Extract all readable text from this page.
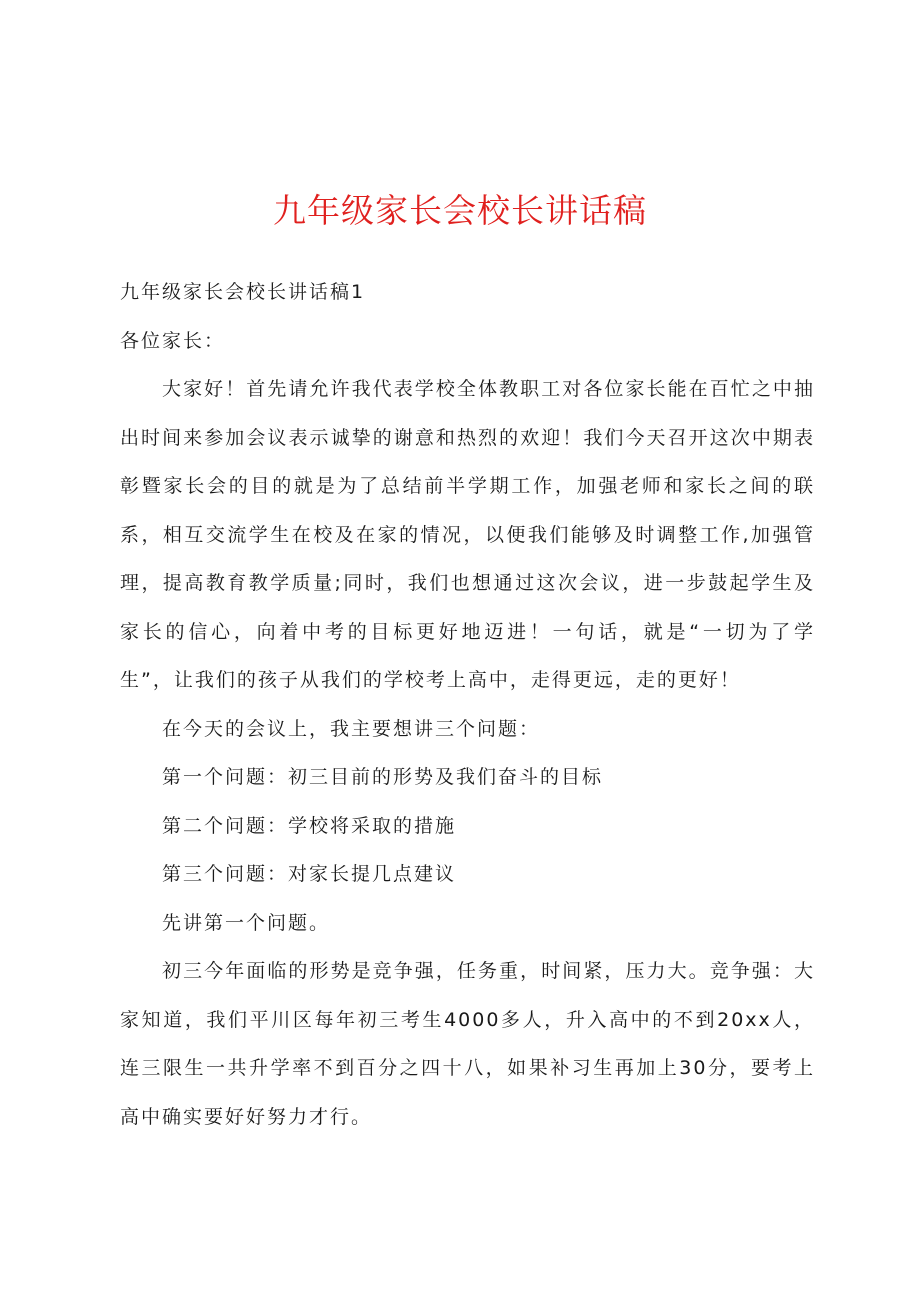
九年级家长会校长讲话稿

九年级家长会校长讲话稿1

各位家长：

大家好！首先请允许我代表学校全体教职工对各位家长能在百忙之中抽出时间来参加会议表示诚挚的谢意和热烈的欢迎！我们今天召开这次中期表彰暨家长会的目的就是为了总结前半学期工作，加强老师和家长之间的联系，相互交流学生在校及在家的情况，以便我们能够及时调整工作,加强管理，提高教育教学质量;同时，我们也想通过这次会议，进一步鼓起学生及家长的信心，向着中考的目标更好地迈进！一句话，就是“一切为了学生”，让我们的孩子从我们的学校考上高中，走得更远，走的更好！

在今天的会议上，我主要想讲三个问题：

第一个问题：初三目前的形势及我们奋斗的目标

第二个问题：学校将采取的措施

第三个问题：对家长提几点建议

先讲第一个问题。

初三今年面临的形势是竞争强，任务重，时间紧，压力大。竞争强：大家知道，我们平川区每年初三考生4000多人，升入高中的不到20xx人，连三限生一共升学率不到百分之四十八，如果补习生再加上30分，要考上高中确实要好好努力才行。
